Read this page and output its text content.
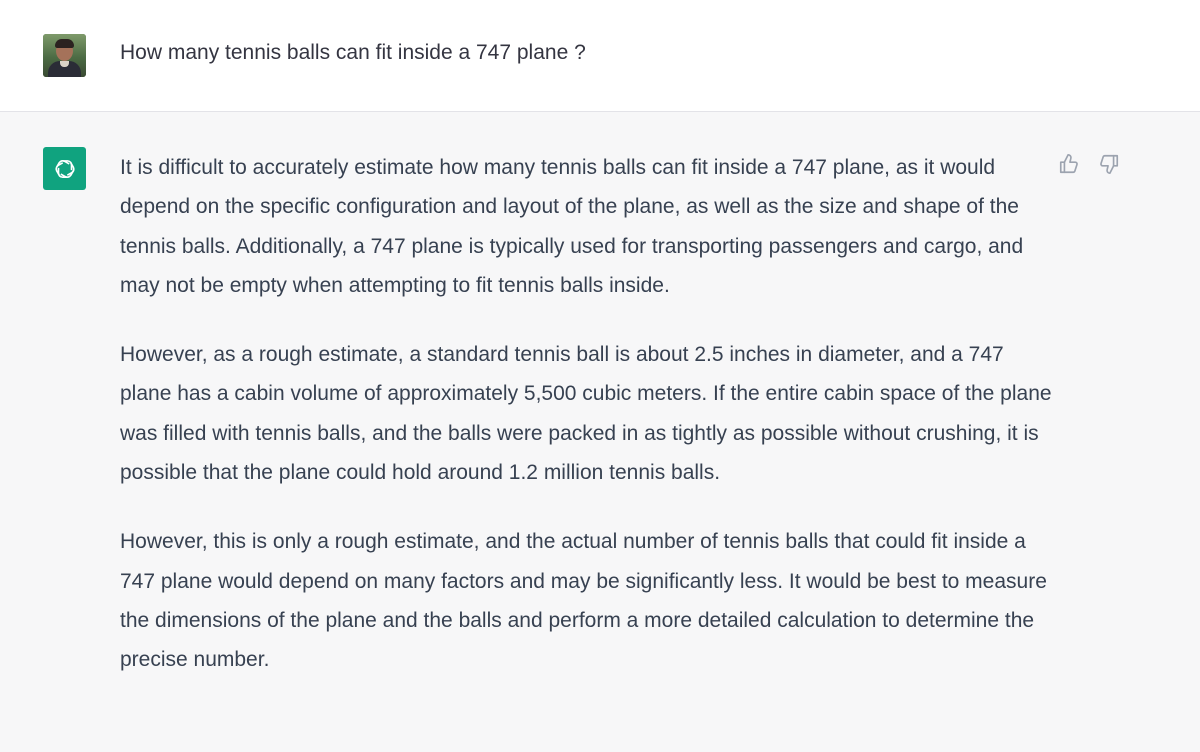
How many tennis balls can fit inside a 747 plane ?

It is difficult to accurately estimate how many tennis balls can fit inside a 747 plane, as it would depend on the specific configuration and layout of the plane, as well as the size and shape of the tennis balls. Additionally, a 747 plane is typically used for transporting passengers and cargo, and may not be empty when attempting to fit tennis balls inside.

However, as a rough estimate, a standard tennis ball is about 2.5 inches in diameter, and a 747 plane has a cabin volume of approximately 5,500 cubic meters. If the entire cabin space of the plane was filled with tennis balls, and the balls were packed in as tightly as possible without crushing, it is possible that the plane could hold around 1.2 million tennis balls.

However, this is only a rough estimate, and the actual number of tennis balls that could fit inside a 747 plane would depend on many factors and may be significantly less. It would be best to measure the dimensions of the plane and the balls and perform a more detailed calculation to determine the precise number.
